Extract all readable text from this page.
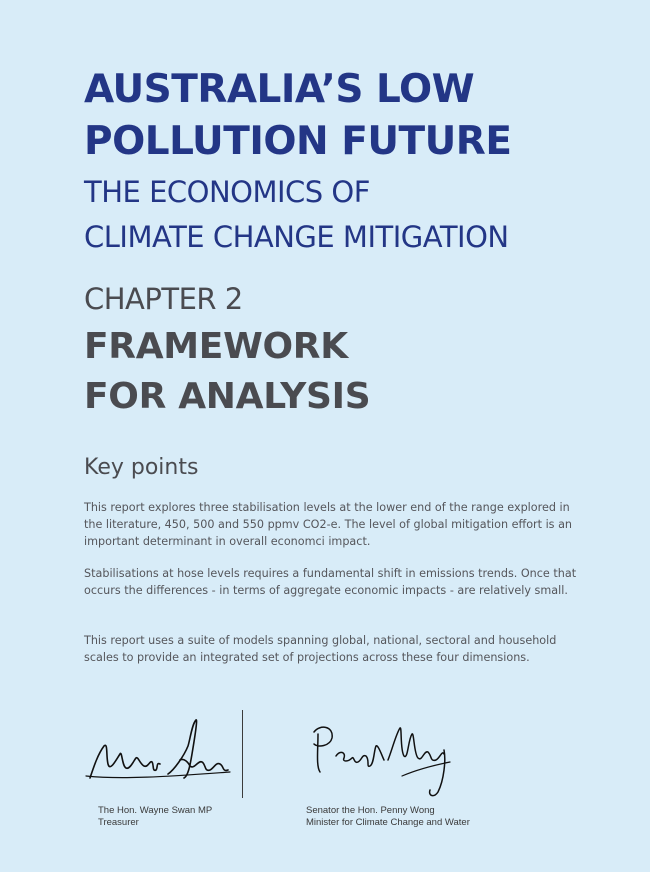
AUSTRALIA’S LOW
POLLUTION FUTURE
THE ECONOMICS OF
CLIMATE CHANGE MITIGATION
CHAPTER 2
FRAMEWORK
FOR ANALYSIS
Key points

This report explores three stabilisation levels at the lower end of the range explored in the literature, 450, 500 and 550 ppmv CO2-e. The level of global mitigation effort is an important determinant in overall economci impact.

Stabilisations at hose levels requires a fundamental shift in emissions trends. Once that occurs the differences - in terms of aggregate economic impacts - are relatively small.

This report uses a suite of models spanning global, national, sectoral and household scales to provide an integrated set of projections across these four dimensions.

The Hon. Wayne Swan MP
Treasurer
Senator the Hon. Penny Wong
Minister for Climate Change and Water
